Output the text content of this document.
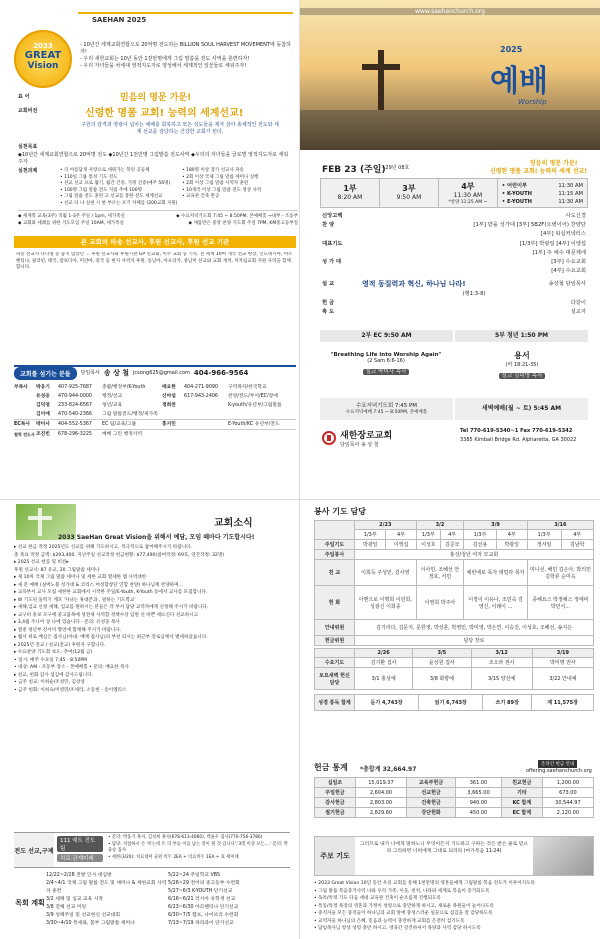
SAEHAN 2025
2033
GREAT
Vision
- 10년간 세계교회연합으로 20억명 전도하는 BILLION SOUL HARVEST MOVEMENT에 동참하자!
- 우리 새한교회는 10년 동안 1천만명에게 그림 말씀을 전도 사역을 훈련하자!
- 우리 자녀들을 차세대 영적지도자로 양성해서 세계적인 일꾼들로 세워주자!
표 어
교회비전
믿음의 명문 가문!
신령한 명품 교회! 능력의 세계선교!
구원의 감격과 영광이 넘치는 예배를 회복하고 모든 성도들을 제자 삼아 총체적인 전도와 세계 선교를 감당하는 건강한 교회가 된다.
실천목표
◆10년간 세계교회연합으로 20억명 전도 ◆10년간 1천만명 그림말씀 전도사역 ◆우리의 자녀들을 글로벌 영적지도자로 세워주자
실천과제	• 더 아름답게 사랑으로 세워가는 복된 공동체
• 110일 그룹 통성 기도 전도
• 선교 선교 프로 월기, 월간 간증, 가정 간증(매주 56명)
• 100명 그림 말씀 전도 지침 주에 100명
• 그림 말씀 전도 훈련 고 선교를 통한 전도 세계선교
• 선교 다 나 실천 시 한 부르는 포기 자체를 (200교회 지원)
• 180명 이상 장기 선교사 파송
• 2회 이상 국제 그림 말씀 세미나 실행
• 2회 이상 그림 말씀 사역자 훈련
• 10개국 이상 그림 말씀 전도 영상 사역
• 교육관 건축 완공
◆ 세계복 교육(3주) 격월 1-3주 주일 / 1pm, 세가족실	◆ 수요저녁기도회 7:45 ~ 8:50PM, 본예배홀 →내부 - 조동부
◆ 교회와 세례를 위한 기도모임 주일 10AM, 세가족실	◆ 새롭반은 중앙 찬양 기도회 주일 7PM, KM중고등부실
본 교회의 파송 선교사, 후원 선교사, 후원 선교 기관
파송 선교사 다니엘 등 좋지 않았던 ... 후원 선교사와 후원기관 GP 선교회, 미주 교회 등 기록. 전 세계 10여 개국 선교 현장, 인도네시아, 아르헨티나, 필리핀, 태국, 캄보디아, 미얀마, 중국 등 현지 사역자 후원. 동남아, 아프리카, 중남미 선교와 교회 개척, 미자립교회 지원 사역을 함께합니다.
교회를 섬기는 분들	담임목사 송 상 철 jcsong625@gmail.com 404-966-9564
부목사	박웅기	407-925-7687	총괄/행정부/K-Youth	배요한	404-271-9090	구역목자/한국학교
유성웅	470-944-0000	행정/선교	신마섭	617-943-2406	찬양/전도/부서/EC/장애
김덕영	233-824-6567	청년/교육	정희찬	K-youth/유년부/그림말씀
김미애	470-540-2366	그림 말씀전도/행정/새가족
EC목사	박미사	404-552-5367	EC 팀/교육/그룹	홍지민	E-Youth/KC 유년부/전도
협력 전도사 조진빈	678-296-3225	예배 그린 행정사역
www.saehanchurch.org
2025
예배
Worship
FEB 23 (주일)
- 29년 08호
믿음의 명문 가문!
신령한 명품 교회! 능력의 세계 선교!
1부
8:20 AM
3부
9:50 AM
4부
11:30 AM
*찬양 11:25 AM ~
• 어린이부	11:30 AM
• K-YOUTH	11:15 AM
• E-YOUTH	11:30 AM
신앙고백	사도신경
찬 양	[1부] 받을 성가대 [3부] 5B2F(오병이어) 찬양단
[4부] 워십커넥터스
대표기도	[1/3부] 박광일 [4부] 이엥섭
[1부] 주 예수 대문제에
성 가 대	[3부] 수요교회
[4부] 수요교회
설 교	영적 동질력과 혁신, 하나님 나라!	송상철 담임목사
(행1:3-8)
헌 금	다같이
축 도	설교자
2부 EC 9:50 AM	5부 청년 1:50 PM
"Breathing Life into Worship Again"
(2 Sam 6:6-16)
설교 박미사 목사
용서
(마 18:21-35)
설교 김덕영 목사
수요저녁기도회 7:45 PM
수요저녁예배 7:45 ~ 8:50PM, 본예배홀
새벽예배(월 ~ 토) 5:45 AM
새한장로교회
담임목사 송 상 철
Tel 770-619-5340~1 Fax 770-619-5342
3385 Kimball Bridge Rd. Alpharetta, GA 30022
교회소식
2033 SaeHan Great Vision을 위해서 예담, 모임 때마다 기도합시다!
▸ 선교 헌금 작정 2025년도 선교를 위해 기도하시고, 적극적으로 참여해주시기 바랍니다.
총 목표 작정 금액: $293,400. 지난주일 선교작정 헌금현황: $77,490(참여작정: 69호, 연간작정: 32명)
▸ 2025 선교 헌를 및 비전▸
후원 선교사: 87 유교, 20 그림말씀 세미나
▸ 제 10차 국제 그림 말씀 세미나 및 세한 교회 열세한 멤 사역대한
▸ 새 문 예배 (실버노블 성가대 & 코리스 여성합창단 연합 찬양) 하나님께 찬양하며...
▸ 교육부서 교사 모집 세한한 교회에서 시작한 주일/E-Youth, K-Youth 등에서 교사를 모집합니다.
▸ W 기도된 돌떡기 계모 '자녀는 휴대폰과 , 말하는 기도학교'
▸ 새해,입교 신청 새해, 입교를 원하시는 분들은 각 부서 담당 교역자에게 신청해 주시기 바랍니다.
▸ 교구비 흥보 모구에 중고품목에 성전새 사역할 정책수상 임원 선 바쁜 세뜨신다 선교하시고
▸ 3,4월 주니어 상 나에 있습니다 - 문의: 유성웅 목사
▸ 열중 청년부 강서미 향연에 함께해 주시기 바랍니다.
▸ 웹서 위로 배심은 집사님(아내: 배재 집사님)의 부친 되시는 최근부 장로님께서 별세하셨습니다.
▸ 2025년 전교 / 친교(전교) 후원자 구합니다.
▸ 수요찬양 기도회 보도: 추여(12월 금)
• 일시: 매주 수요일 7:45 - 8:50PM
• 대상: AM - 조동부 장소 - 본예배홀 • 문의: 배요한 목사
▸ 친교, 헌화 감사 섬김에 감사드립니다.
• 금주 친교: 이희순/조성민, 김상영
• 금주 헌화: 이희숙/이영민/조세라, 소동헌 - 송이엘리스
전도 선교,구제
111 예트 전도팀
치료·관계미래
• 문의: 박웅기 목사, 김성희 권사(678-613-4060), 박윤우 집사(770-756-3786)
• 담당: 저참하시 손 '비는데 트 의 부등 이를 남는 것이 될 것 입니다','3명 이상 모든,...' 문의: 박웅승 집사
• 세한(3/20): 치료대미 술핀 비두 2EA + 의료비두 1EA + 효 세미네
목회 계획
12/22~2/28 전방 인사 대심방
2/4~4/1 국제 그림 말씀 전도 및 세미나 & 세한교회 사역자 훈련
3/2 세례 및 입교 교육 시작
3/8 전체 선교 미팅
3/9 성례주일 및 선교헌신 선교대회
3/30~4/10 특새와, 봄부 그림말씀 세미나
5/22~24 주일학교 VBS
5/26~29 전어의 중고등부 수련회
5/27~6/3 K-YOUTH 단기선교
6/16~6/21 러시아 유학생 선교
6/23~6/30 아르헨티나 단기선교
6/30~7/5 캠프, 나이브리 수련회
7/13~7/19 파라과이 단기선교
봉사 기도 담당
	2/23		3/2		3/9		3/16	
	1/3부	4부	1/3부	4부	1/3부	4부	1/3부	4부
주일기도	박광일	이엥섭	이성호	김준모	김선용	박광일	정서임	김남학
주일봉사	홍성/청년 여자 모교회							
친 교	이희득 주성민, 김사영		이사민, 조혜선 안정호, 서민		예빈에로 목자 테럴라 목자		미니선, 해민 김은아, 박의민 김학류 순미옥	
헌 화	아멘으로 이명희 이민희, 성광신 이희종		이영희 박주아		이정이 이유나, 조민숙 김영신, 이래이 ...		종해요스 박정해스 정에비 박민서...	
안내위원	김기리다, 김문지, 문한정, 박성훈, 박영민, 박미영, 박은연, 이승진, 이성호, 조혜선, 송지은							
헌금위원	담당 장로							
	2/26	3/5	3/12	3/19
수요기도	김기환 집사	윤상원 집사	조오라 권사	박미명 권사
토요새벽 헌신담당	3/1 홍성예	3/8 화향예	3/15 양선예	3/22 안내예
성경 통독 합계	듣기 4,743장	읽기 6,743장	쓰기 89장	계 11,575장
헌금 통계 *총합계 32,664.97
온라인 헌금 안내
offering.saehanchurch.org
십일조	15,019.37	교육부헌금	361.00	친교헌금	1,200.00
주일헌금	2,604.00	선교헌금	3,665.00	기타	673.00
감사헌금	2,803.00	건축헌금	940.00	KC 합계	30,544.97
절기헌금	2,829.60	강단헌화	450.00	EC 합계	2,120.00
주보 기도
그러므로 내가 너에게 말하노니 무엇이든지 기도하고 구하는 것은 받은 줄로 믿으라 그리하면 너희에게 그대로 되리라 (마가복음 11:24)
• 2033 Great Vision 10년 동안 우리 교회를 통해 1천만명의 영혼들에게 그림말씀 복음 전도가 이루어지도록
• 그림 말씀 복음증거사역 나와 우리 가족, 이웃, 친척, 나라와 세계로 복음이 증거되도록
• 독특/특정 기도 다음 세대 교육관 건축이 순조롭게 진행되도록
• 특동/특정 목장의 영혼과 가정이 성령으로 충만하게 하시고, 새로운 목원들이 늘어나도록
• 중직자들 모든 중직들이 하나님과 교회 앞에 충성스러운 일꾼으로 섬김을 잘 감당하도록
• 교역자들 하나님의 은혜, 믿음과 능력이 충만하게 교회를 온전히 섬기도록
• 담임목사님 항상 성령 충만 하시고, 영육간 강건하셔서 목양과 사역 감당 하시도록
